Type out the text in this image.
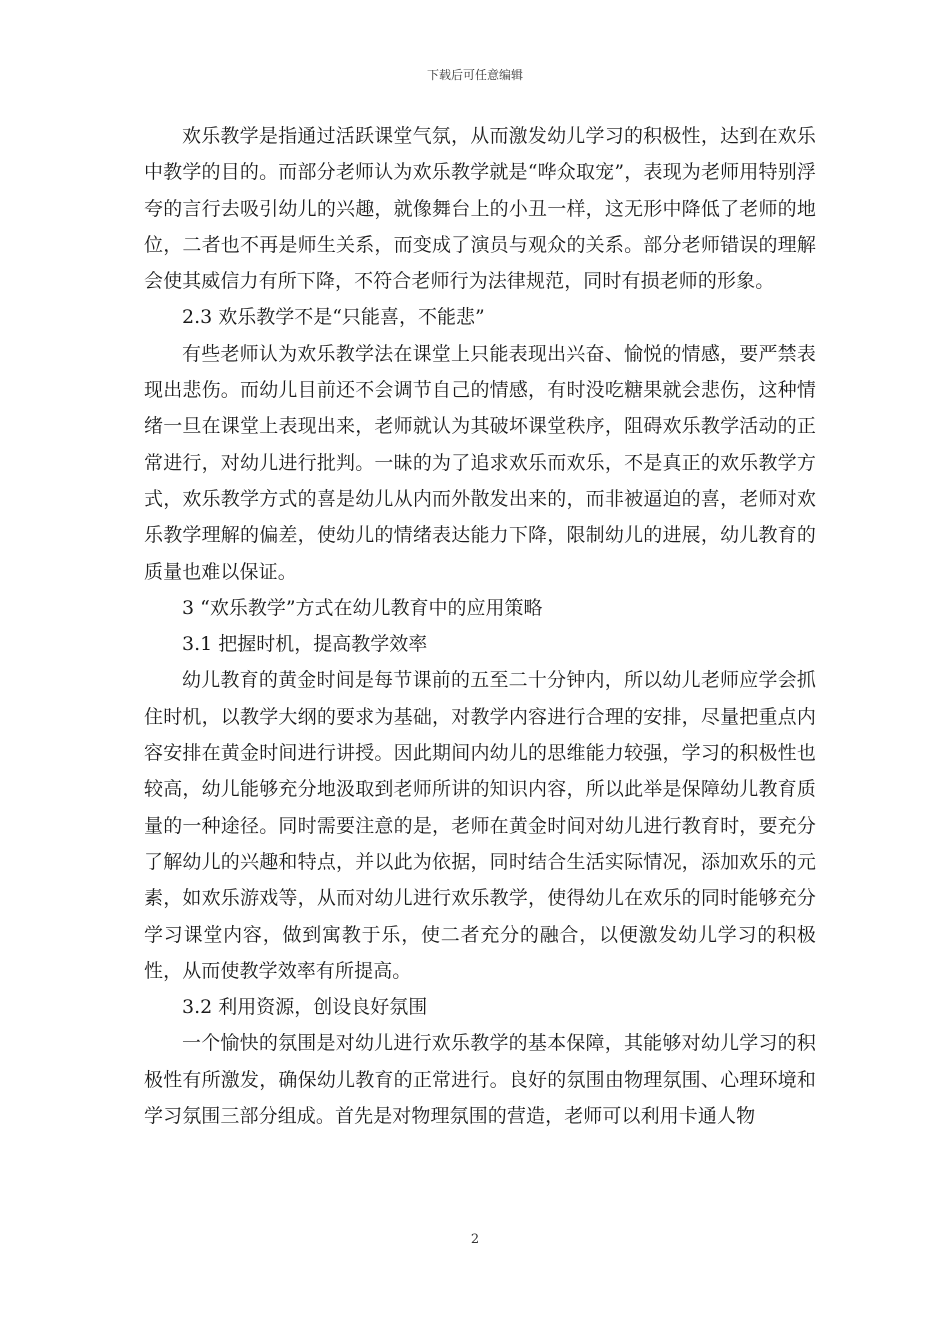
下载后可任意编辑

欢乐教学是指通过活跃课堂气氛，从而激发幼儿学习的积极性，达到在欢乐中教学的目的。而部分老师认为欢乐教学就是“哗众取宠”，表现为老师用特别浮夸的言行去吸引幼儿的兴趣，就像舞台上的小丑一样，这无形中降低了老师的地位，二者也不再是师生关系，而变成了演员与观众的关系。部分老师错误的理解会使其威信力有所下降，不符合老师行为法律规范，同时有损老师的形象。

2.3 欢乐教学不是“只能喜，不能悲”

有些老师认为欢乐教学法在课堂上只能表现出兴奋、愉悦的情感，要严禁表现出悲伤。而幼儿目前还不会调节自己的情感，有时没吃糖果就会悲伤，这种情绪一旦在课堂上表现出来，老师就认为其破坏课堂秩序，阻碍欢乐教学活动的正常进行，对幼儿进行批判。一昧的为了追求欢乐而欢乐，不是真正的欢乐教学方式，欢乐教学方式的喜是幼儿从内而外散发出来的，而非被逼迫的喜，老师对欢乐教学理解的偏差，使幼儿的情绪表达能力下降，限制幼儿的进展，幼儿教育的质量也难以保证。

3 “欢乐教学”方式在幼儿教育中的应用策略

3.1 把握时机，提高教学效率

幼儿教育的黄金时间是每节课前的五至二十分钟内，所以幼儿老师应学会抓住时机，以教学大纲的要求为基础，对教学内容进行合理的安排，尽量把重点内容安排在黄金时间进行讲授。因此期间内幼儿的思维能力较强，学习的积极性也较高，幼儿能够充分地汲取到老师所讲的知识内容，所以此举是保障幼儿教育质量的一种途径。同时需要注意的是，老师在黄金时间对幼儿进行教育时，要充分了解幼儿的兴趣和特点，并以此为依据，同时结合生活实际情况，添加欢乐的元素，如欢乐游戏等，从而对幼儿进行欢乐教学，使得幼儿在欢乐的同时能够充分学习课堂内容，做到寓教于乐，使二者充分的融合，以便激发幼儿学习的积极性，从而使教学效率有所提高。

3.2 利用资源，创设良好氛围

一个愉快的氛围是对幼儿进行欢乐教学的基本保障，其能够对幼儿学习的积极性有所激发，确保幼儿教育的正常进行。良好的氛围由物理氛围、心理环境和学习氛围三部分组成。首先是对物理氛围的营造，老师可以利用卡通人物

2
